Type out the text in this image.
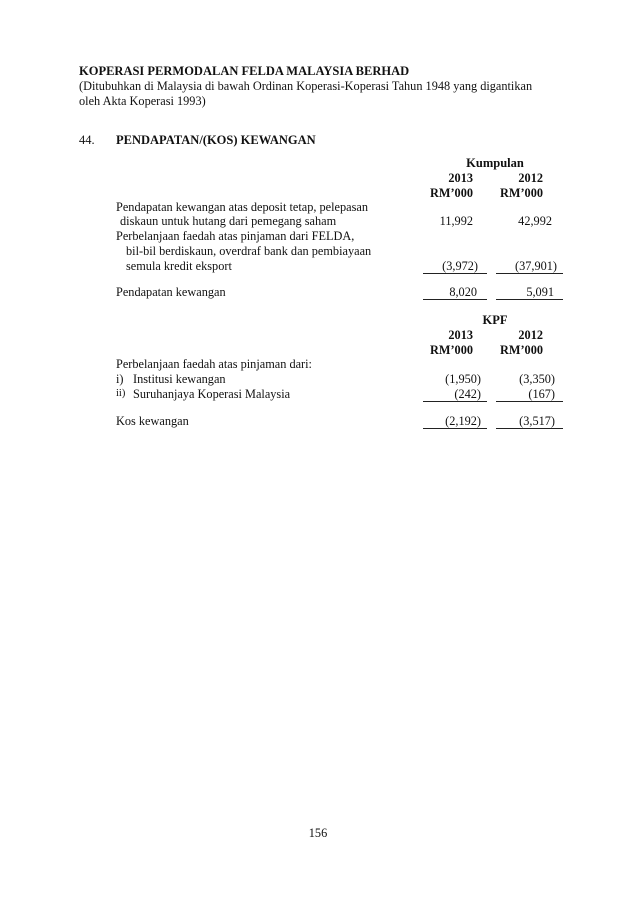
KOPERASI PERMODALAN FELDA MALAYSIA BERHAD
(Ditubuhkan di Malaysia di bawah Ordinan Koperasi-Koperasi Tahun 1948 yang digantikan
oleh Akta Koperasi 1993)
44. PENDAPATAN/(KOS) KEWANGAN
Kumpulan
2013	2012
RM’000	RM’000
Pendapatan kewangan atas deposit tetap, pelepasan
diskaun untuk hutang dari pemegang saham	11,992	42,992
Perbelanjaan faedah atas pinjaman dari FELDA,
bil-bil berdiskaun, overdraf bank dan pembiayaan
semula kredit eksport	(3,972)	(37,901)
Pendapatan kewangan	8,020	5,091
KPF
2013	2012
RM’000	RM’000
Perbelanjaan faedah atas pinjaman dari:
i) Institusi kewangan	(1,950)	(3,350)
ii) Suruhanjaya Koperasi Malaysia	(242)	(167)
Kos kewangan	(2,192)	(3,517)
156
